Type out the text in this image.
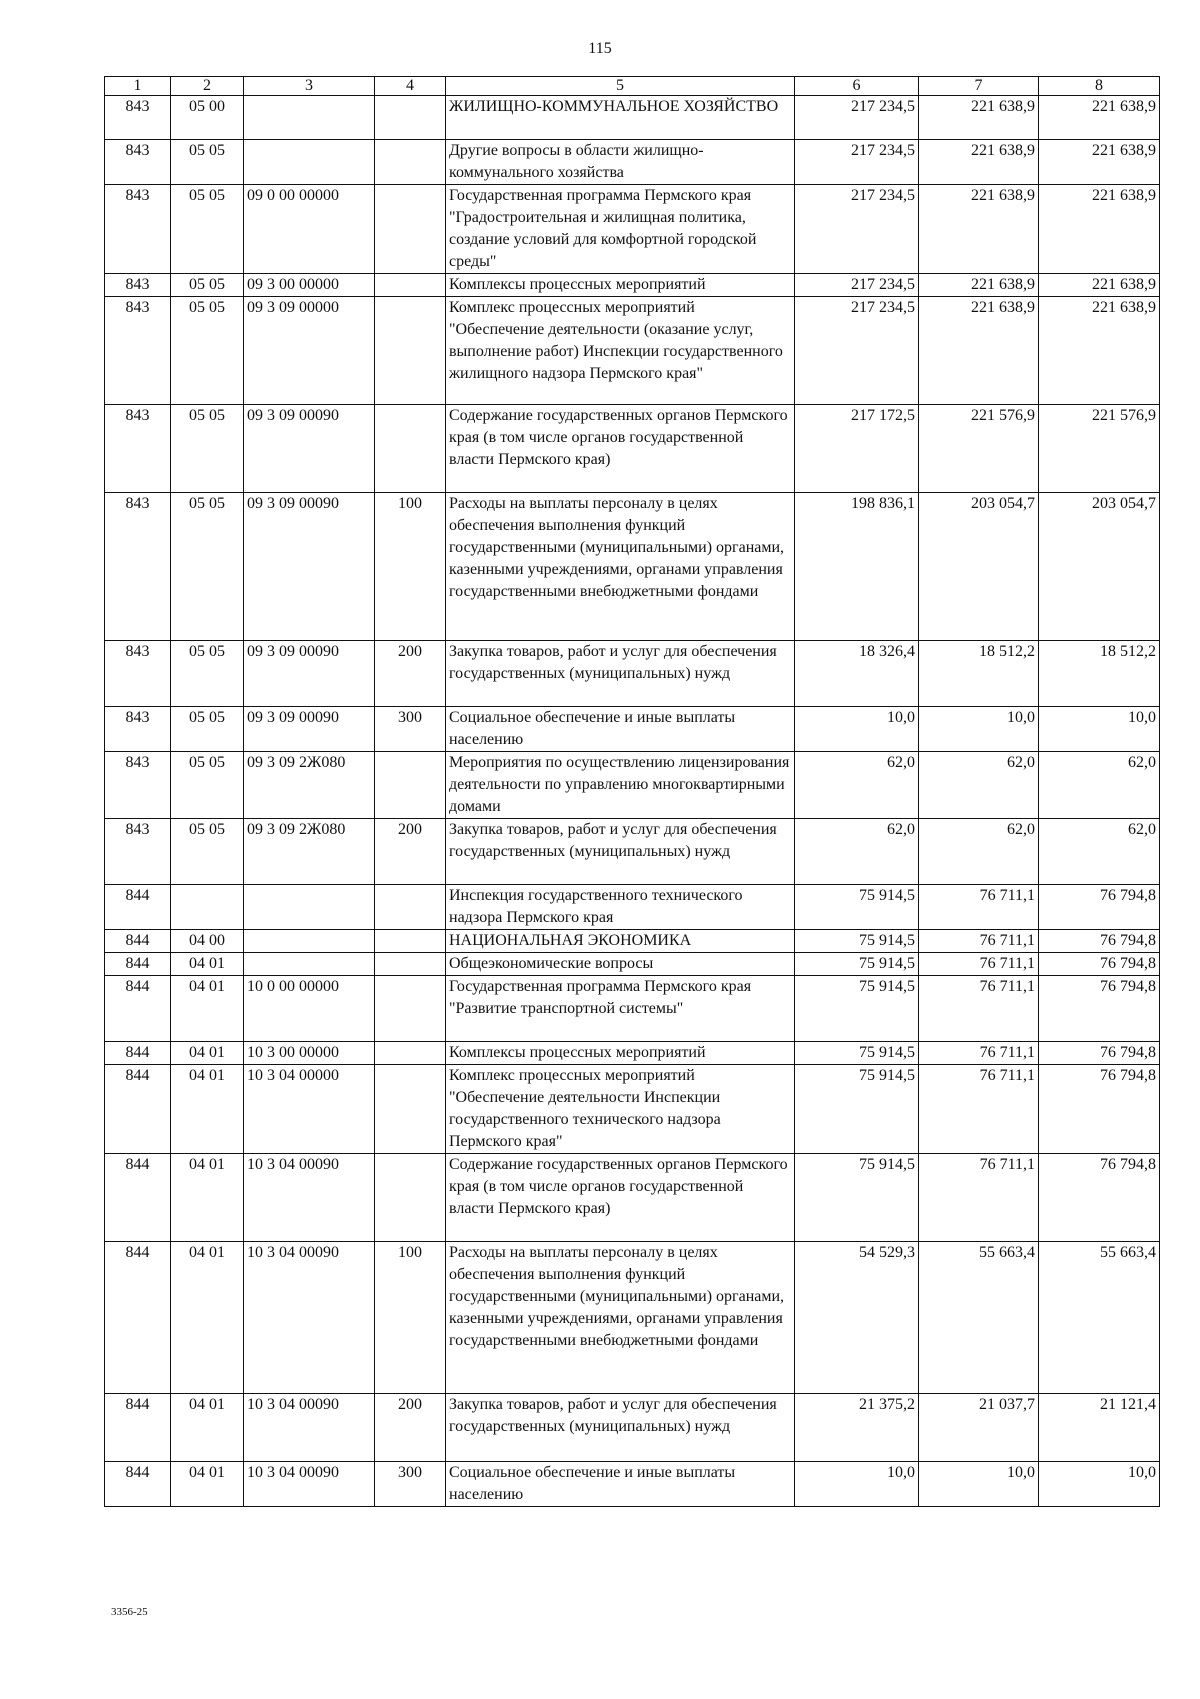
115
1	2	3	4	5	6	7	8
843	05 00			ЖИЛИЩНО-КОММУНАЛЬНОЕ ХОЗЯЙСТВО	217 234,5	221 638,9	221 638,9
843	05 05			Другие вопросы в области жилищно-коммунального хозяйства	217 234,5	221 638,9	221 638,9
843	05 05	09 0 00 00000		Государственная программа Пермского края "Градостроительная и жилищная политика, создание условий для комфортной городской среды"	217 234,5	221 638,9	221 638,9
843	05 05	09 3 00 00000		Комплексы процессных мероприятий	217 234,5	221 638,9	221 638,9
843	05 05	09 3 09 00000		Комплекс процессных мероприятий "Обеспечение деятельности (оказание услуг, выполнение работ) Инспекции государственного жилищного надзора Пермского края"	217 234,5	221 638,9	221 638,9
843	05 05	09 3 09 00090		Содержание государственных органов Пермского края (в том числе органов государственной власти Пермского края)	217 172,5	221 576,9	221 576,9
843	05 05	09 3 09 00090	100	Расходы на выплаты персоналу в целях обеспечения выполнения функций государственными (муниципальными) органами, казенными учреждениями, органами управления государственными внебюджетными фондами	198 836,1	203 054,7	203 054,7
843	05 05	09 3 09 00090	200	Закупка товаров, работ и услуг для обеспечения государственных (муниципальных) нужд	18 326,4	18 512,2	18 512,2
843	05 05	09 3 09 00090	300	Социальное обеспечение и иные выплаты населению	10,0	10,0	10,0
843	05 05	09 3 09 2Ж080		Мероприятия по осуществлению лицензирования деятельности по управлению многоквартирными домами	62,0	62,0	62,0
843	05 05	09 3 09 2Ж080	200	Закупка товаров, работ и услуг для обеспечения государственных (муниципальных) нужд	62,0	62,0	62,0
844				Инспекция государственного технического надзора Пермского края	75 914,5	76 711,1	76 794,8
844	04 00			НАЦИОНАЛЬНАЯ ЭКОНОМИКА	75 914,5	76 711,1	76 794,8
844	04 01			Общеэкономические вопросы	75 914,5	76 711,1	76 794,8
844	04 01	10 0 00 00000		Государственная программа Пермского края "Развитие транспортной системы"	75 914,5	76 711,1	76 794,8
844	04 01	10 3 00 00000		Комплексы процессных мероприятий	75 914,5	76 711,1	76 794,8
844	04 01	10 3 04 00000		Комплекс процессных мероприятий "Обеспечение деятельности Инспекции государственного технического надзора Пермского края"	75 914,5	76 711,1	76 794,8
844	04 01	10 3 04 00090		Содержание государственных органов Пермского края (в том числе органов государственной власти Пермского края)	75 914,5	76 711,1	76 794,8
844	04 01	10 3 04 00090	100	Расходы на выплаты персоналу в целях обеспечения выполнения функций государственными (муниципальными) органами, казенными учреждениями, органами управления государственными внебюджетными фондами	54 529,3	55 663,4	55 663,4
844	04 01	10 3 04 00090	200	Закупка товаров, работ и услуг для обеспечения государственных (муниципальных) нужд	21 375,2	21 037,7	21 121,4
844	04 01	10 3 04 00090	300	Социальное обеспечение и иные выплаты населению	10,0	10,0	10,0
3356-25
